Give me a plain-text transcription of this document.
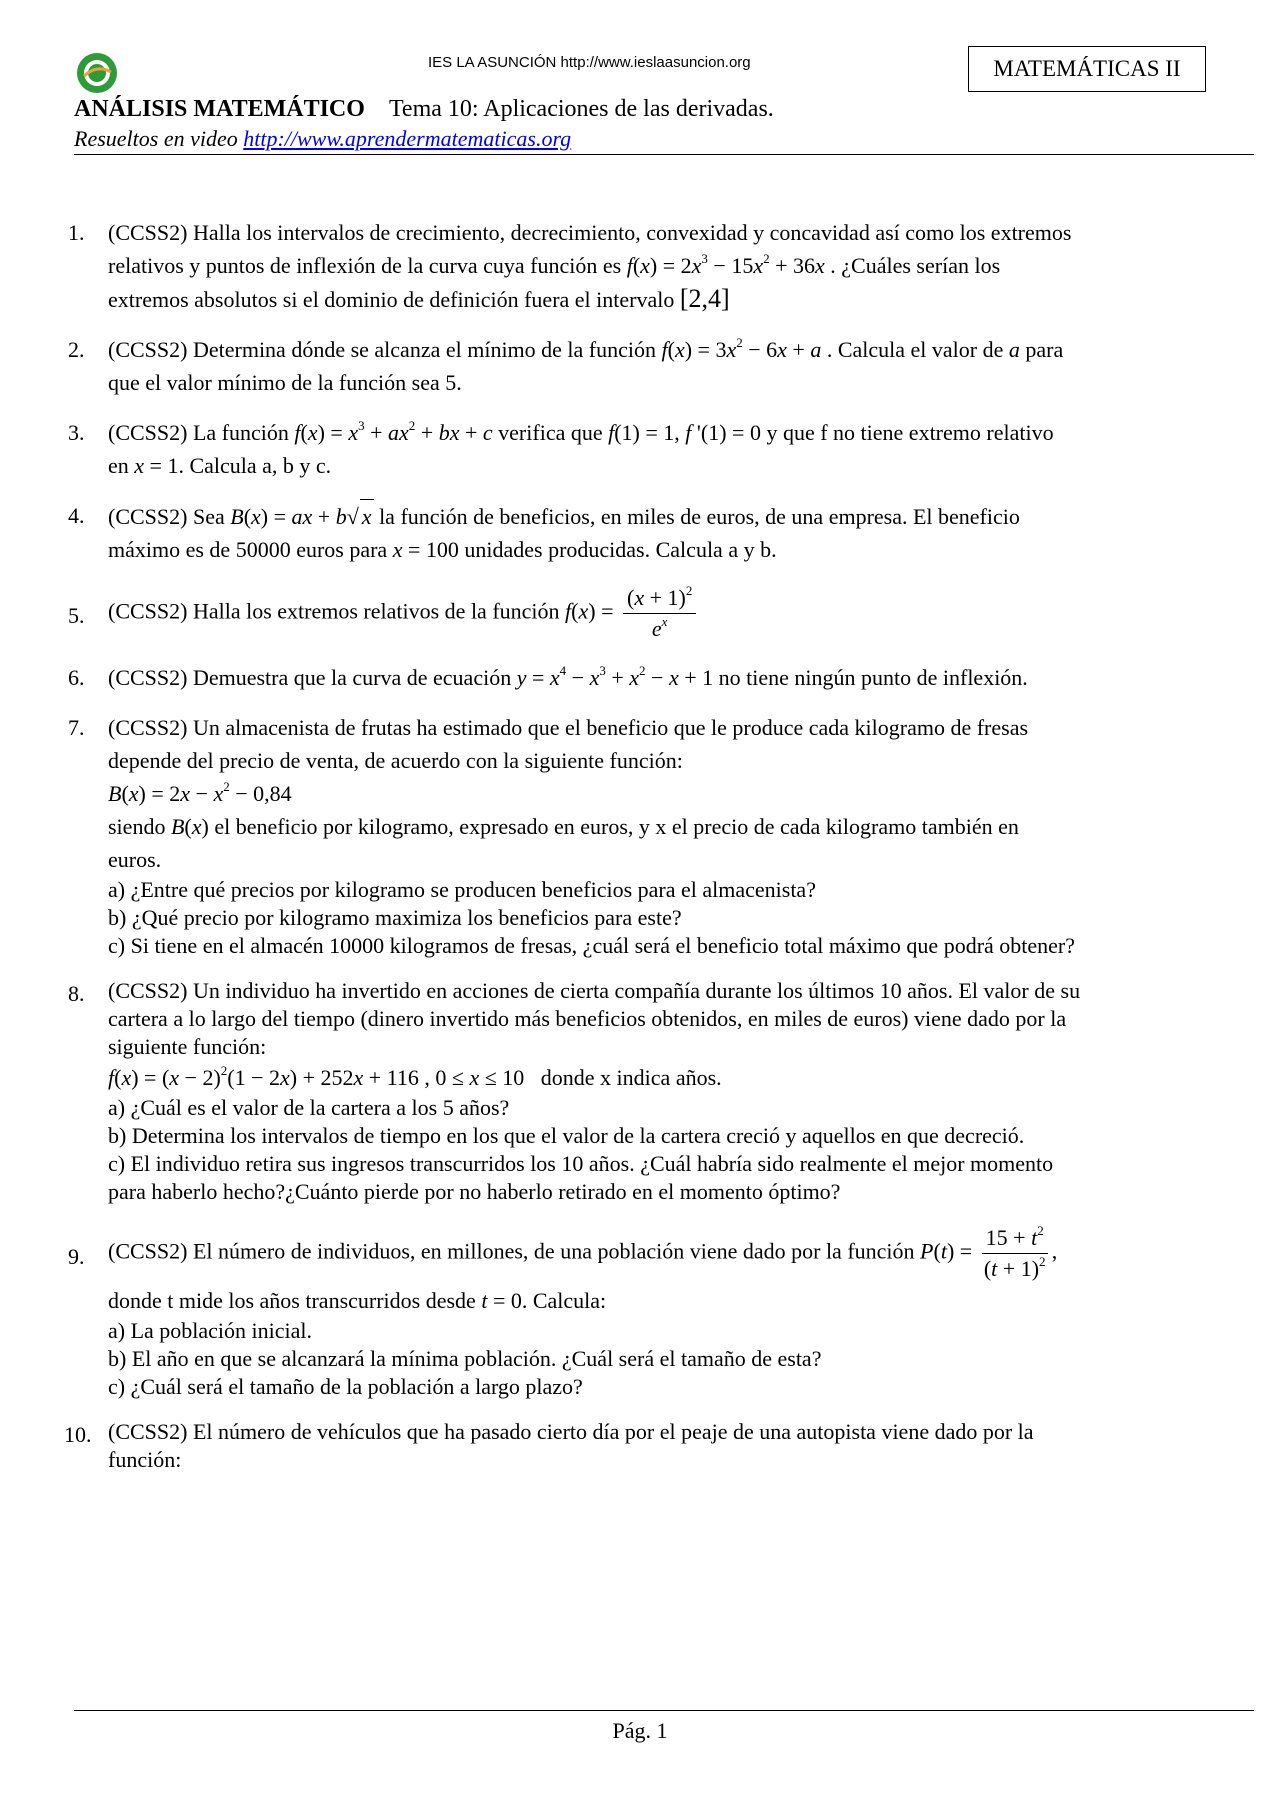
IES LA ASUNCIÓN http://www.ieslaasuncion.org	MATEMÁTICAS II
ANÁLISIS MATEMÁTICO Tema 10: Aplicaciones de las derivadas.
Resueltos en video http://www.aprendermatematicas.org
1.	(CCSS2) Halla los intervalos de crecimiento, decrecimiento, convexidad y concavidad así como los extremos
relativos y puntos de inflexión de la curva cuya función es $f(x) = 2x^3 - 15x^2 + 36x$ . ¿Cuáles serían los
extremos absolutos si el dominio de definición fuera el intervalo [2,4]
2.	(CCSS2) Determina dónde se alcanza el mínimo de la función $f(x) = 3x^2 - 6x + a$ . Calcula el valor de a para
que el valor mínimo de la función sea 5.
3.	(CCSS2) La función $f(x) = x^3 + ax^2$ + bx + c verifica que f(1) = 1, f '(1) = 0 y que f no tiene extremo relativo
en x = 1. Calcula a, b y c.
4.	(CCSS2) Sea B(x) = ax + b√ x la función de beneficios, en miles de euros, de una empresa. El beneficio
máximo es de 50000 euros para x = 100 unidades producidas. Calcula a y b.
5.	(CCSS2) Halla los extremos relativos de la función $f(x) = \frac{(x + 1)^2}{e^x}$
6.	(CCSS2) Demuestra que la curva de ecuación $y = x^4 - x^3 + x^2 - x + 1$ no tiene ningún punto de inflexión.
7.	(CCSS2) Un almacenista de frutas ha estimado que el beneficio que le produce cada kilogramo de fresas
depende del precio de venta, de acuerdo con la siguiente función:
$B(x) = 2x - x^2 - 0,84$
siendo B(x) el beneficio por kilogramo, expresado en euros, y x el precio de cada kilogramo también en
euros.
a) ¿Entre qué precios por kilogramo se producen beneficios para el almacenista?
b) ¿Qué precio por kilogramo maximiza los beneficios para este?
c) Si tiene en el almacén 10000 kilogramos de fresas, ¿cuál será el beneficio total máximo que podrá obtener?
8.	(CCSS2) Un individuo ha invertido en acciones de cierta compañía durante los últimos 10 años. El valor de su
cartera a lo largo del tiempo (dinero invertido más beneficios obtenidos, en miles de euros) viene dado por la
siguiente función:
$f(x) = (x - 2)^2(1 - 2x) + 252x + 116$ , 0 ≤ x ≤ 10   donde x indica años.
a) ¿Cuál es el valor de la cartera a los 5 años?
b) Determina los intervalos de tiempo en los que el valor de la cartera creció y aquellos en que decreció.
c) El individuo retira sus ingresos transcurridos los 10 años. ¿Cuál habría sido realmente el mejor momento
para haberlo hecho?¿Cuánto pierde por no haberlo retirado en el momento óptimo?
9.	(CCSS2) El número de individuos, en millones, de una población viene dado por la función $P(t) = \frac{15 + t^2}{(t + 1)^2}$ ,
donde t mide los años transcurridos desde t = 0. Calcula:
a) La población inicial.
b) El año en que se alcanzará la mínima población. ¿Cuál será el tamaño de esta?
c) ¿Cuál será el tamaño de la población a largo plazo?
10. (CCSS2) El número de vehículos que ha pasado cierto día por el peaje de una autopista viene dado por la
función:
Pág. 1
